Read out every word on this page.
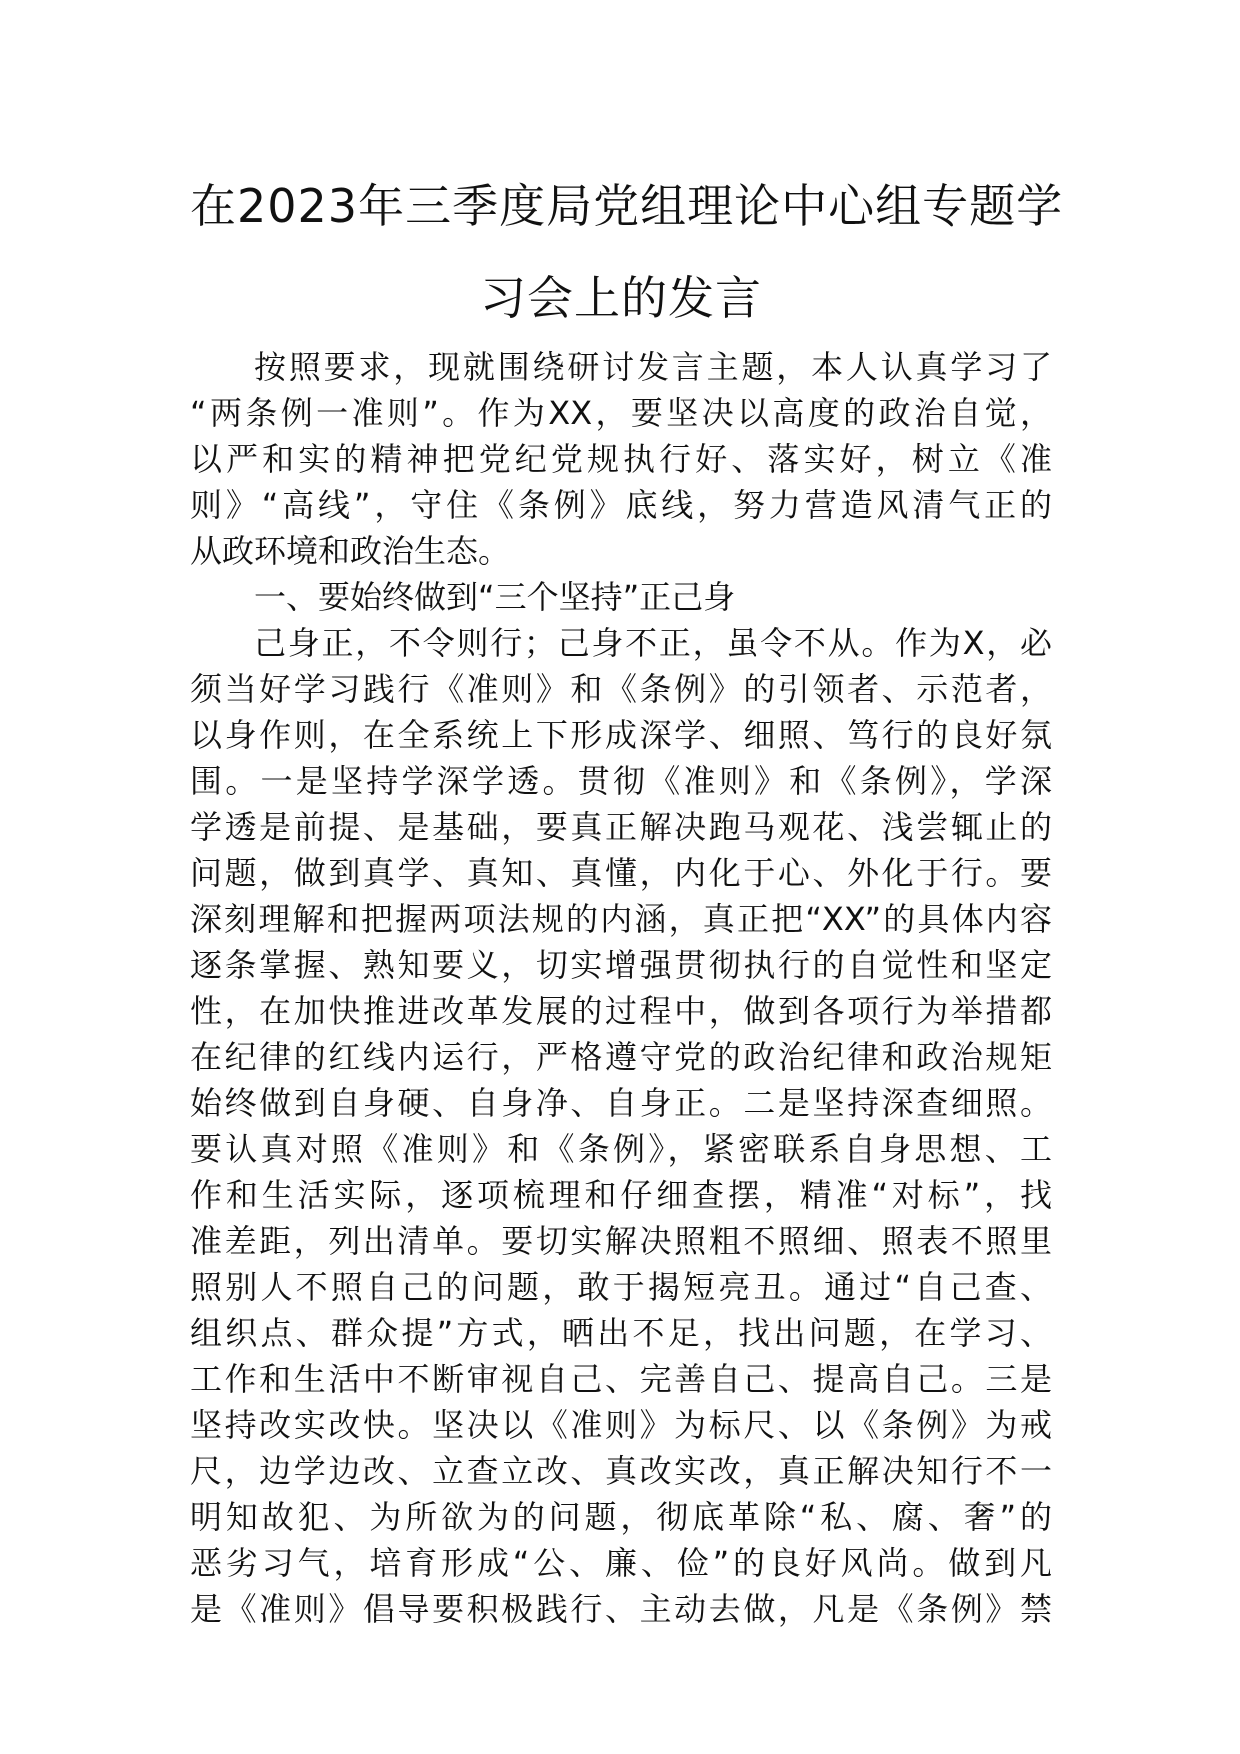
在2023年三季度局党组理论中心组专题学
习会上的发言
按照要求，现就围绕研讨发言主题，本人认真学习了
“两条例一准则”。作为XX，要坚决以高度的政治自觉，
以严和实的精神把党纪党规执行好、落实好，树立《准
则》“高线”，守住《条例》底线，努力营造风清气正的
从政环境和政治生态。
一、要始终做到“三个坚持”正己身
己身正，不令则行；己身不正，虽令不从。作为X，必
须当好学习践行《准则》和《条例》的引领者、示范者，
以身作则，在全系统上下形成深学、细照、笃行的良好氛
围。一是坚持学深学透。贯彻《准则》和《条例》，学深
学透是前提、是基础，要真正解决跑马观花、浅尝辄止的
问题，做到真学、真知、真懂，内化于心、外化于行。要
深刻理解和把握两项法规的内涵，真正把“XX”的具体内容
逐条掌握、熟知要义，切实增强贯彻执行的自觉性和坚定
性，在加快推进改革发展的过程中，做到各项行为举措都
在纪律的红线内运行，严格遵守党的政治纪律和政治规矩
始终做到自身硬、自身净、自身正。二是坚持深查细照。
要认真对照《准则》和《条例》，紧密联系自身思想、工
作和生活实际，逐项梳理和仔细查摆，精准“对标”，找
准差距，列出清单。要切实解决照粗不照细、照表不照里
照别人不照自己的问题，敢于揭短亮丑。通过“自己查、
组织点、群众提”方式，晒出不足，找出问题，在学习、
工作和生活中不断审视自己、完善自己、提高自己。三是
坚持改实改快。坚决以《准则》为标尺、以《条例》为戒
尺，边学边改、立查立改、真改实改，真正解决知行不一
明知故犯、为所欲为的问题，彻底革除“私、腐、奢”的
恶劣习气，培育形成“公、廉、俭”的良好风尚。做到凡
是《准则》倡导要积极践行、主动去做，凡是《条例》禁
